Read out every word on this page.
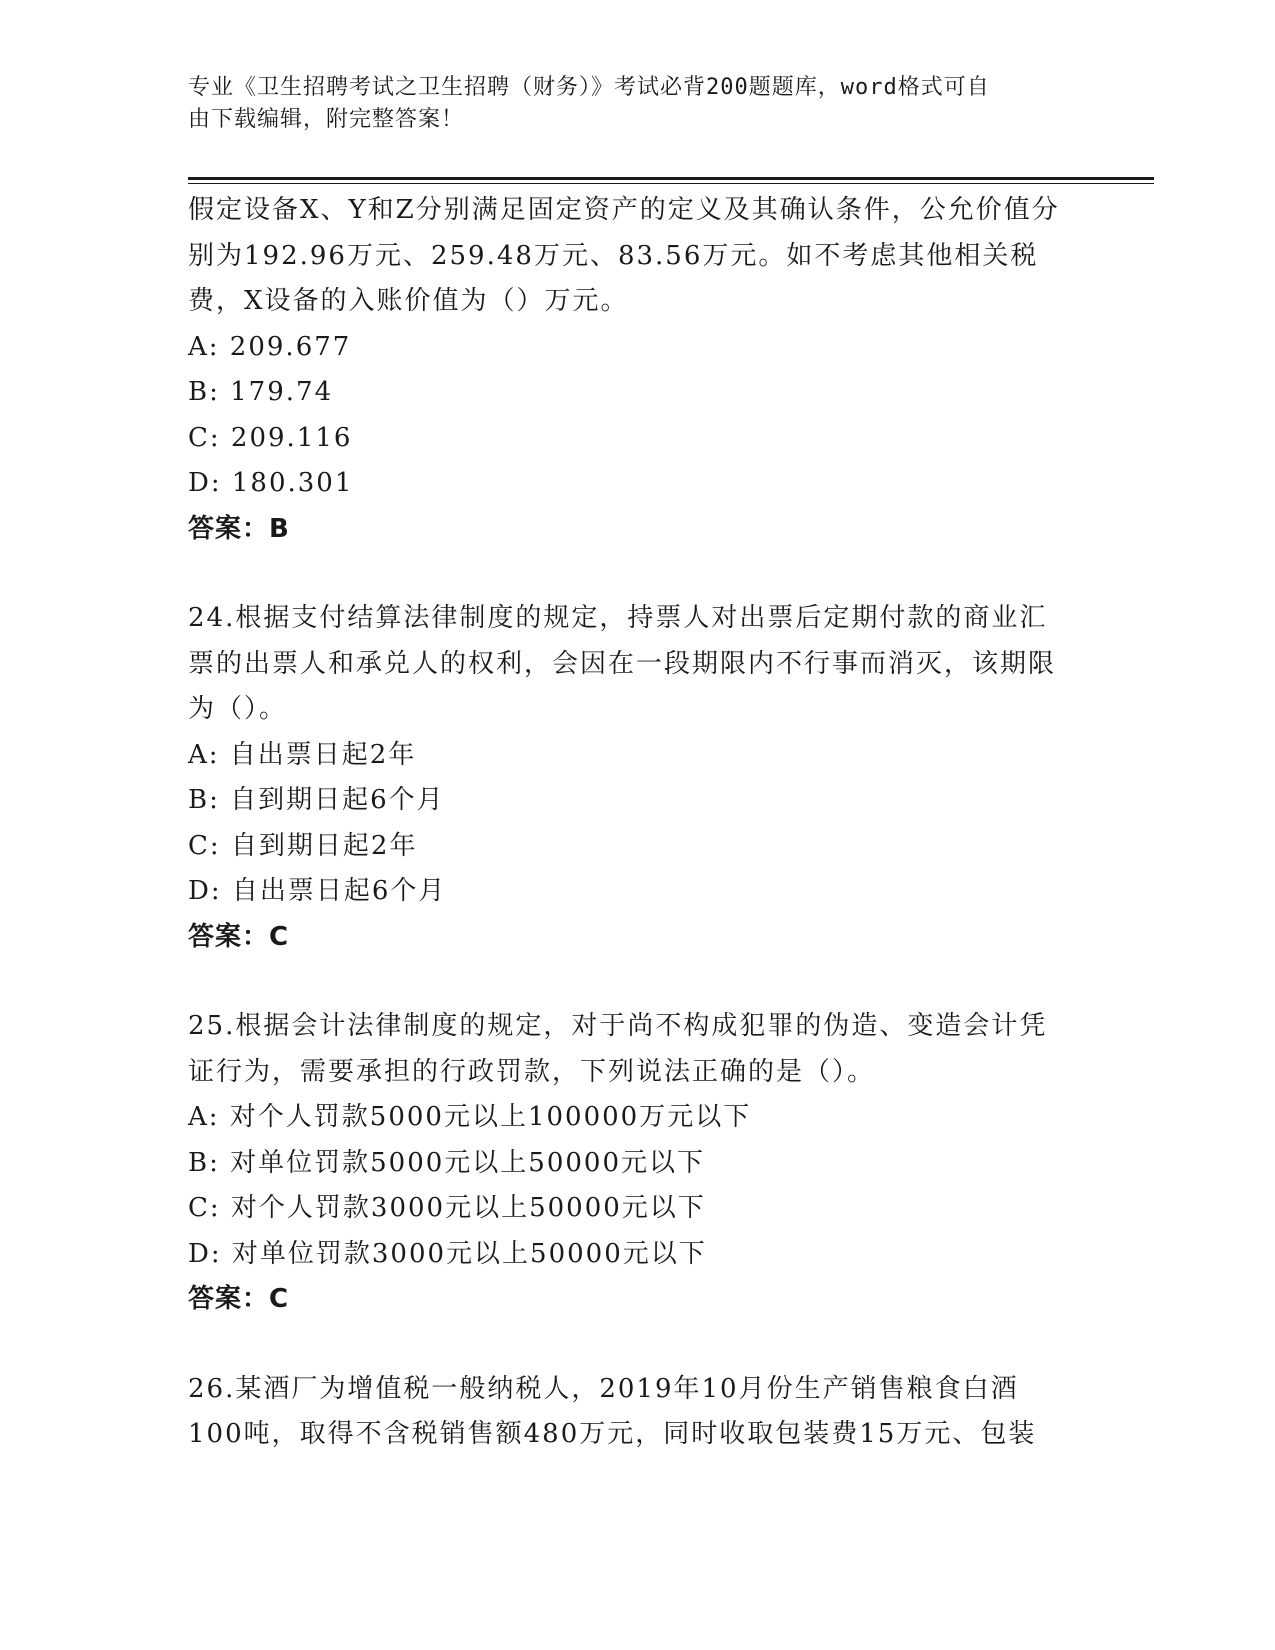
专业《卫生招聘考试之卫生招聘（财务）》考试必背200题题库，word格式可自
由下载编辑，附完整答案！
假定设备X、Y和Z分别满足固定资产的定义及其确认条件，公允价值分别为192.96万元、259.48万元、83.56万元。如不考虑其他相关税费，X设备的入账价值为（）万元。
A: 209.677
B: 179.74
C: 209.116
D: 180.301
答案：B
24.根据支付结算法律制度的规定，持票人对出票后定期付款的商业汇票的出票人和承兑人的权利，会因在一段期限内不行事而消灭，该期限为（）。
A: 自出票日起2年
B: 自到期日起6个月
C: 自到期日起2年
D: 自出票日起6个月
答案：C
25.根据会计法律制度的规定，对于尚不构成犯罪的伪造、变造会计凭证行为，需要承担的行政罚款，下列说法正确的是（）。
A: 对个人罚款5000元以上100000万元以下
B: 对单位罚款5000元以上50000元以下
C: 对个人罚款3000元以上50000元以下
D: 对单位罚款3000元以上50000元以下
答案：C
26.某酒厂为增值税一般纳税人，2019年10月份生产销售粮食白酒100吨，取得不含税销售额480万元，同时收取包装费15万元、包装
